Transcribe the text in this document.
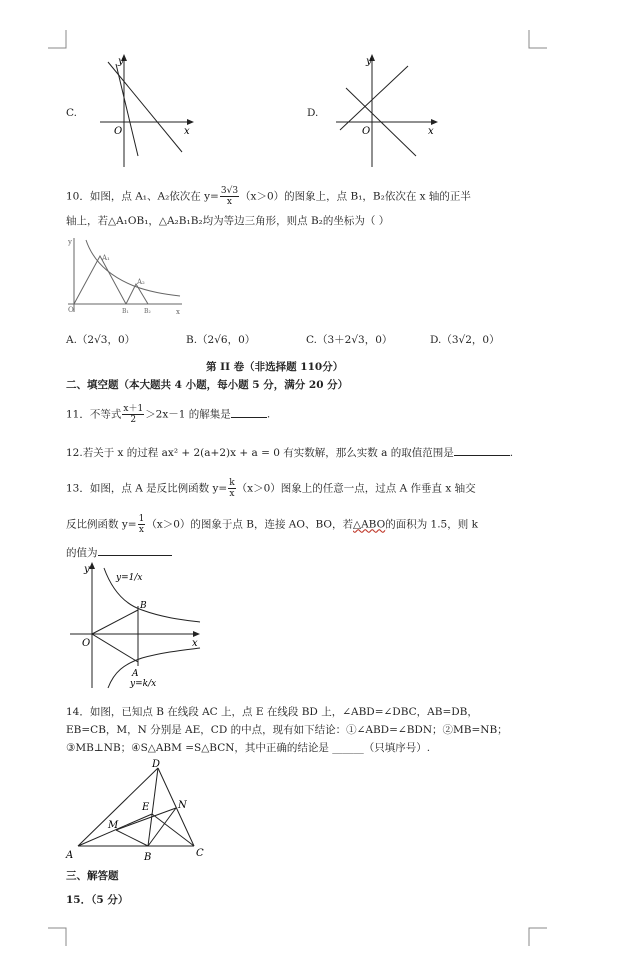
C.
y
x
O
D.
y
x
O
10．如图，点 A₁、A₂依次在 $y= \frac{3√3}{x} (x>0)$的图象上，点 B₁，B₂依次在 x 轴的正半
轴上，若△A₁OB₁，△A₂B₁B₂均为等边三角形，则点 B₂的坐标为（ ）
y
x
O
A₁
A₂
B₁	B₂
A.（2√3，0）	B.（2√6，0）	C.（3＋2√3，0）	D.（3√2，0）
第 II 卷（非选择题 110分）
二、填空题（本大题共 4 小题，每小题 5 分，满分 20 分）
11．不等式 $\frac{x+1}{2} >2x-1$ 的解集是	.
12.若关于 x 的过程 ax² + 2(a+2)x + a = 0 有实数解，那么实数 a 的取值范围是	.
13．如图，点 A 是反比例函数 $y= \frac{k}{x} (x>0)$图象上的任意一点，过点 A 作垂直 x 轴交
反比例函数 $y= \frac{1}{x} (x>0)$的图象于点 B，连接 AO、BO，若△ABO的面积为 1.5，则 k
的值为
y
x
O
B
A
y=1/x
y=k/x
14．如图，已知点 B 在线段 AC 上，点 E 在线段 BD 上，∠ABD=∠DBC，AB=DB，
EB=CB，M，N 分别是 AE，CD 的中点，现有如下结论：①∠ABD=∠BDN；②MB=NB；
③MB⊥NB；④S△ABM =S△BCN，其中正确的结论是 ______（只填序号）.
A	B	C
D
E
M
N
三、解答题
15．（5 分）
